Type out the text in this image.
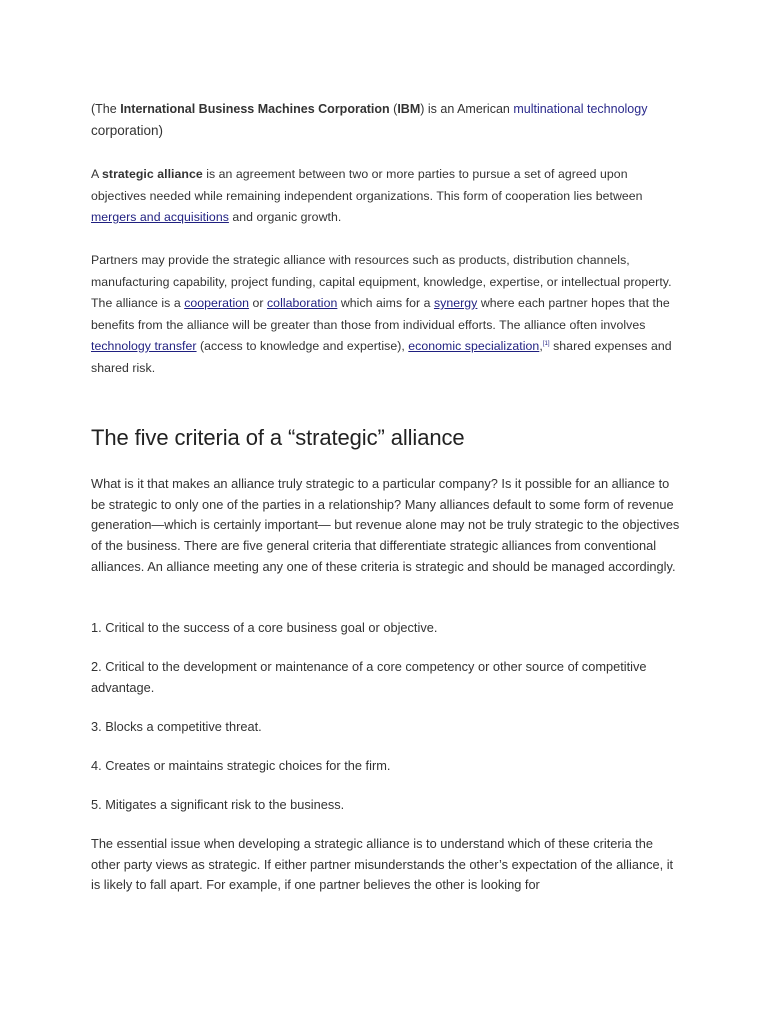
(The International Business Machines Corporation (IBM) is an American multinational technology
corporation)

A strategic alliance is an agreement between two or more parties to pursue a set of agreed upon objectives needed while remaining independent organizations. This form of cooperation lies between mergers and acquisitions and organic growth.

Partners may provide the strategic alliance with resources such as products, distribution channels, manufacturing capability, project funding, capital equipment, knowledge, expertise, or intellectual property. The alliance is a cooperation or collaboration which aims for a synergy where each partner hopes that the benefits from the alliance will be greater than those from individual efforts. The alliance often involves technology transfer (access to knowledge and expertise), economic specialization,[1] shared expenses and shared risk.

The five criteria of a “strategic” alliance

What is it that makes an alliance truly strategic to a particular company? Is it possible for an alliance to be strategic to only one of the parties in a relationship? Many alliances default to some form of revenue generation—which is certainly important— but revenue alone may not be truly strategic to the objectives of the business. There are five general criteria that differentiate strategic alliances from conventional alliances. An alliance meeting any one of these criteria is strategic and should be managed accordingly.

1. Critical to the success of a core business goal or objective.

2. Critical to the development or maintenance of a core competency or other source of competitive advantage.

3. Blocks a competitive threat.

4. Creates or maintains strategic choices for the firm.

5. Mitigates a significant risk to the business.

The essential issue when developing a strategic alliance is to understand which of these criteria the other party views as strategic. If either partner misunderstands the other’s expectation of the alliance, it is likely to fall apart. For example, if one partner believes the other is looking for
